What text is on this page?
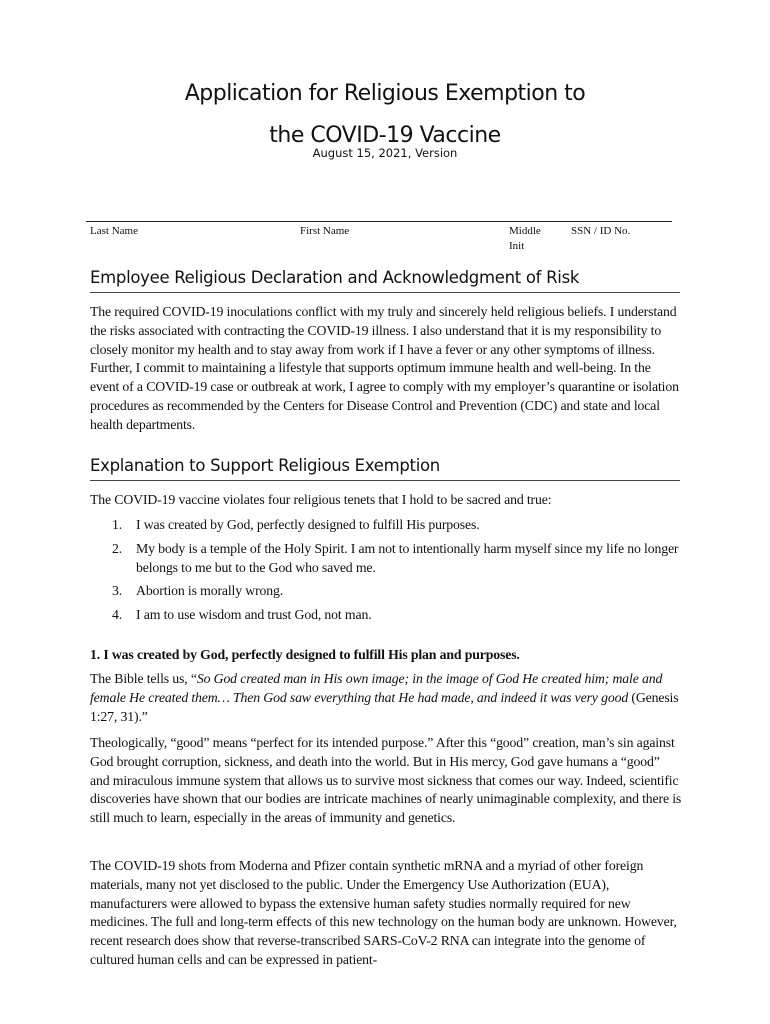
Application for Religious Exemption to
the COVID-19 Vaccine
August 15, 2021, Version
Last Name	First Name	Middle
Init
SSN / ID No.
Employee Religious Declaration and Acknowledgment of Risk

The required COVID-19 inoculations conflict with my truly and sincerely held religious beliefs. I understand the risks associated with contracting the COVID-19 illness. I also understand that it is my responsibility to closely monitor my health and to stay away from work if I have a fever or any other symptoms of illness. Further, I commit to maintaining a lifestyle that supports optimum immune health and well-being. In the event of a COVID-19 case or outbreak at work, I agree to comply with my employer’s quarantine or isolation procedures as recommended by the Centers for Disease Control and Prevention (CDC) and state and local health departments.

Explanation to Support Religious Exemption

The COVID-19 vaccine violates four religious tenets that I hold to be sacred and true:

1. I was created by God, perfectly designed to fulfill His purposes.
2. My body is a temple of the Holy Spirit. I am not to intentionally harm myself since my life no longer belongs to me but to the God who saved me.
3. Abortion is morally wrong.
4. I am to use wisdom and trust God, not man.
1. I was created by God, perfectly designed to fulfill His plan and purposes.

The Bible tells us, “So God created man in His own image; in the image of God He created him; male and female He created them… Then God saw everything that He had made, and indeed it was very good (Genesis 1:27, 31).”

Theologically, “good” means “perfect for its intended purpose.” After this “good” creation, man’s sin against God brought corruption, sickness, and death into the world. But in His mercy, God gave humans a “good” and miraculous immune system that allows us to survive most sickness that comes our way. Indeed, scientific discoveries have shown that our bodies are intricate machines of nearly unimaginable complexity, and there is still much to learn, especially in the areas of immunity and genetics.

The COVID-19 shots from Moderna and Pfizer contain synthetic mRNA and a myriad of other foreign materials, many not yet disclosed to the public. Under the Emergency Use Authorization (EUA), manufacturers were allowed to bypass the extensive human safety studies normally required for new medicines. The full and long-term effects of this new technology on the human body are unknown. However, recent research does show that reverse-transcribed SARS-CoV-2 RNA can integrate into the genome of cultured human cells and can be expressed in patient-
